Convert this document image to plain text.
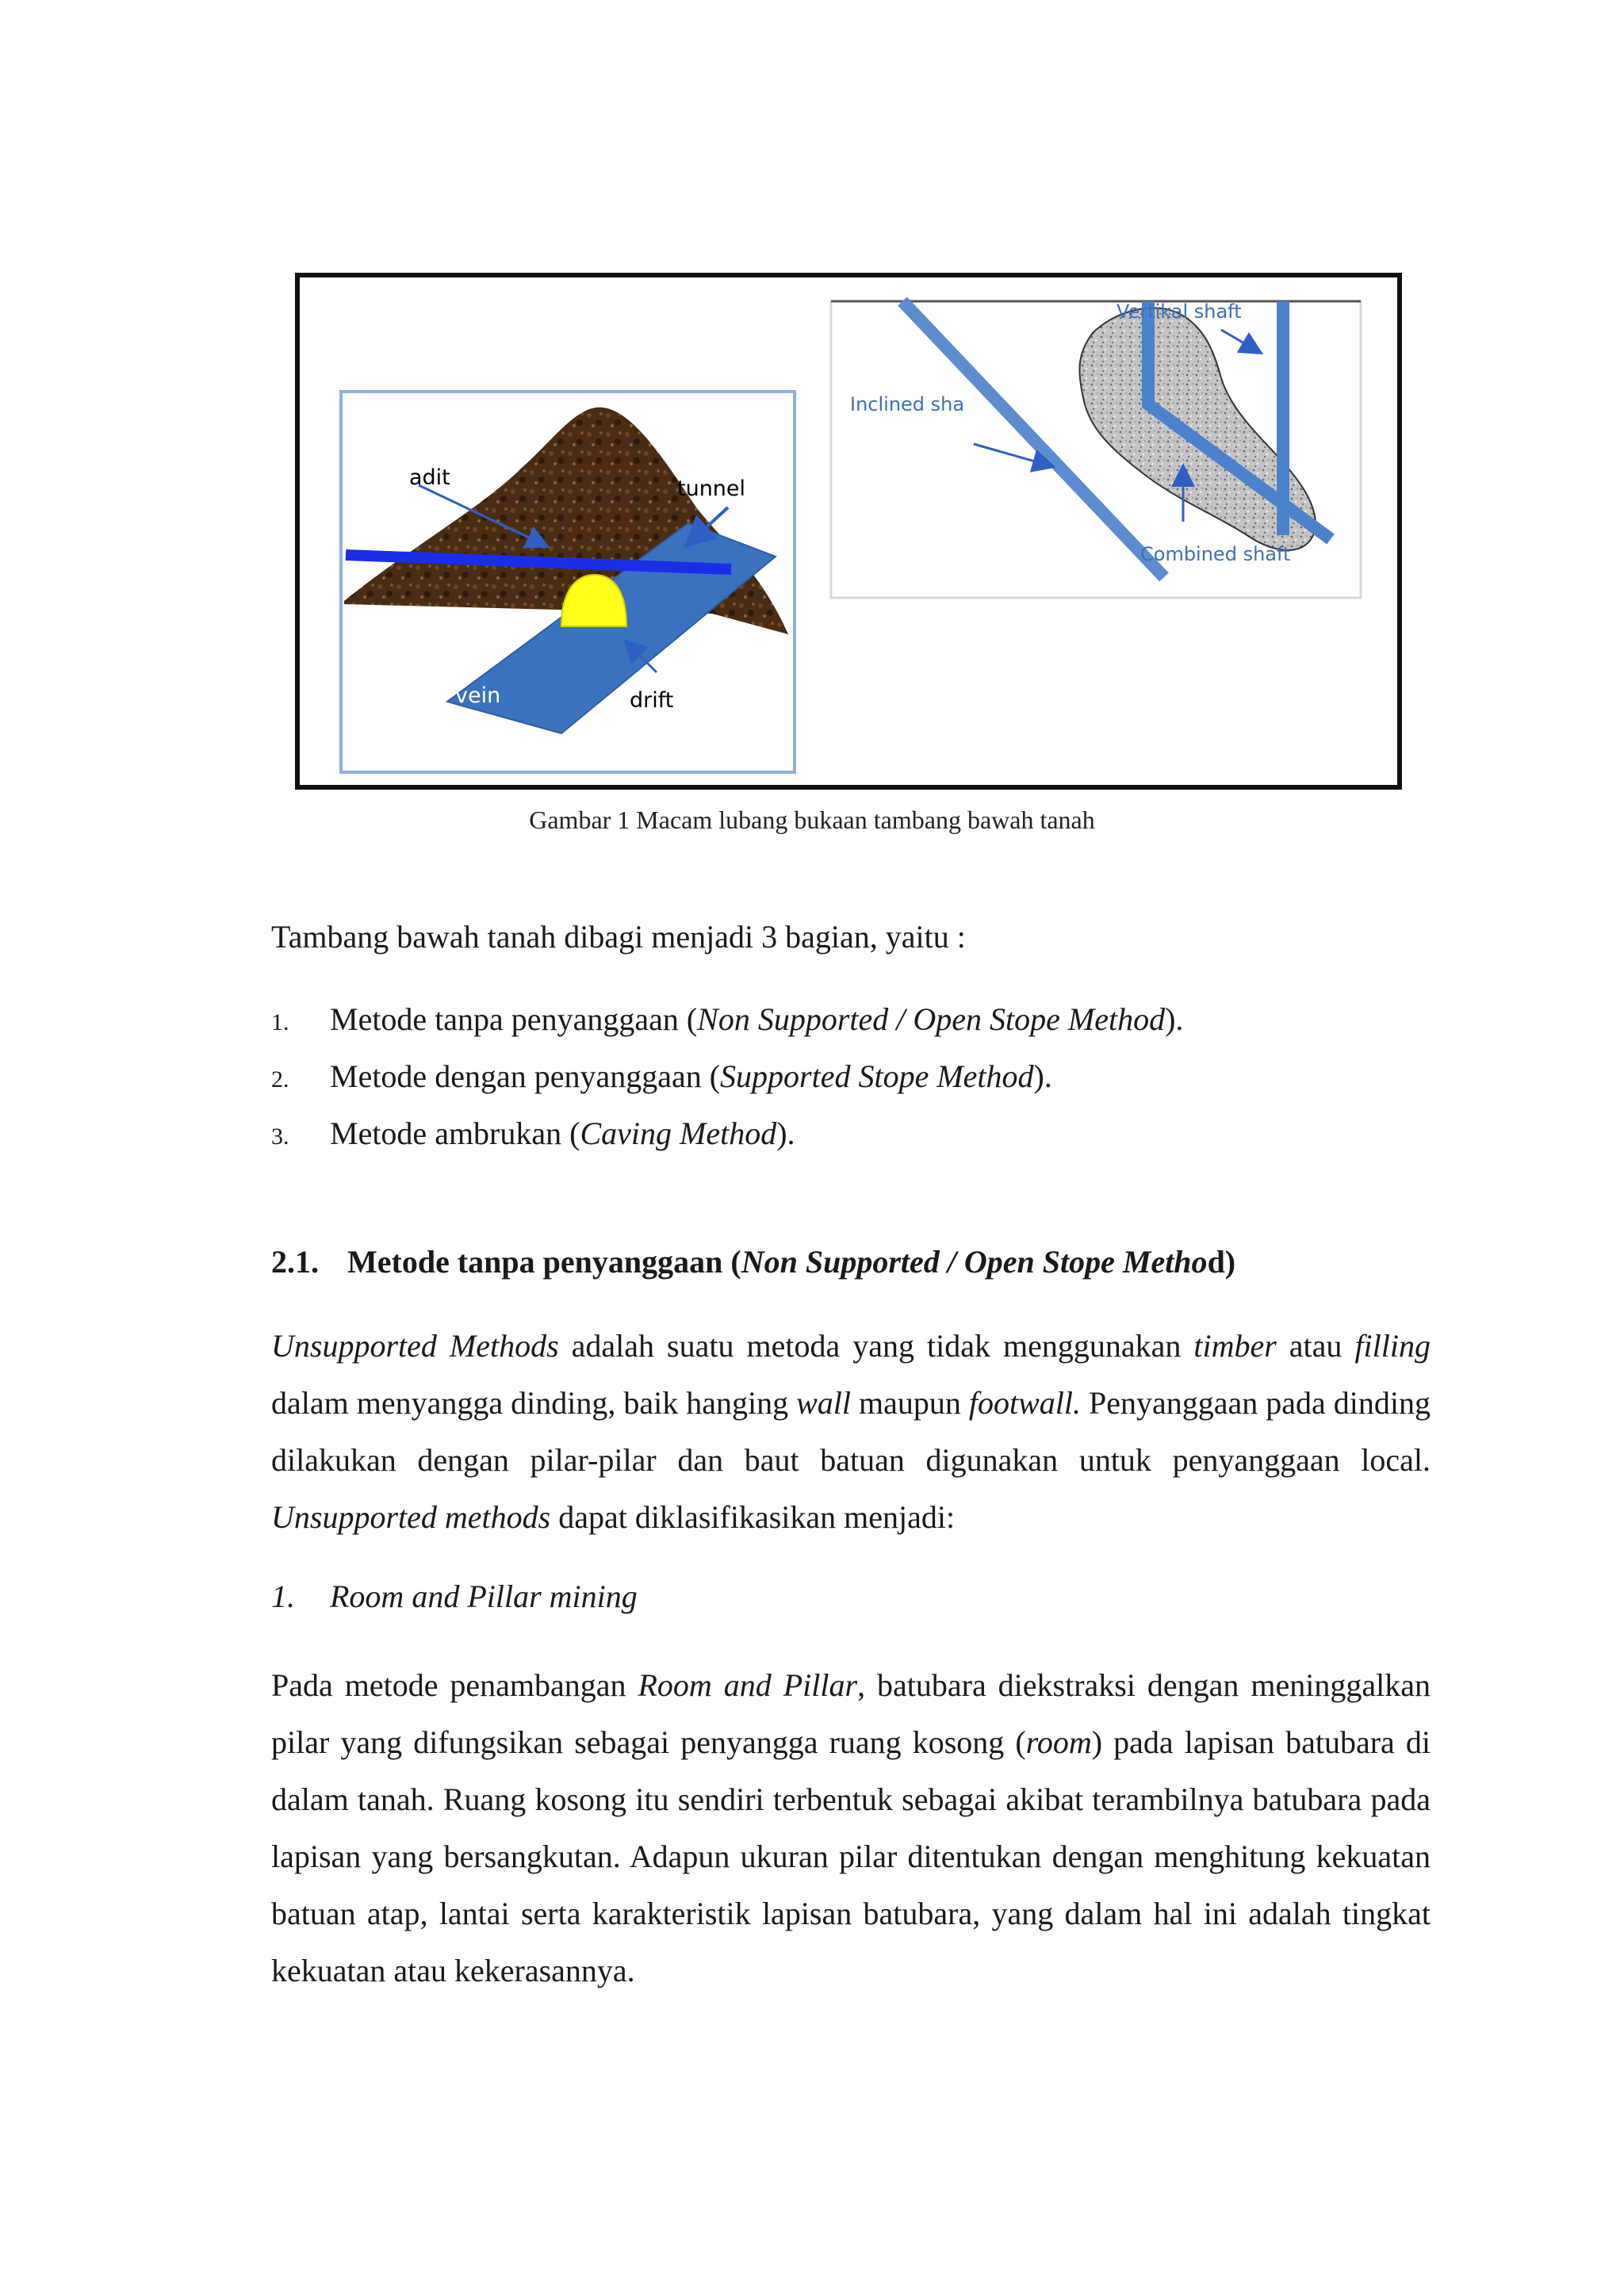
adit	tunnel
vein	drift
Vertikal shaft
Inclined sha
Combined shaft
Gambar 1 Macam lubang bukaan tambang bawah tanah
Tambang bawah tanah dibagi menjadi 3 bagian, yaitu :
1.	Metode tanpa penyanggaan (Non Supported / Open Stope Method).
2.	Metode dengan penyanggaan (Supported Stope Method).
3.	Metode ambrukan (Caving Method).
2.1. Metode tanpa penyanggaan (Non Supported / Open Stope Method)

Unsupported Methods adalah suatu metoda yang tidak menggunakan timber atau filling dalam menyangga dinding, baik hanging wall maupun footwall. Penyanggaan pada dinding dilakukan dengan pilar-pilar dan baut batuan digunakan untuk penyanggaan local. Unsupported methods dapat diklasifikasikan menjadi:

1. Room and Pillar mining

Pada metode penambangan Room and Pillar, batubara diekstraksi dengan meninggalkan pilar yang difungsikan sebagai penyangga ruang kosong (room) pada lapisan batubara di dalam tanah. Ruang kosong itu sendiri terbentuk sebagai akibat terambilnya batubara pada lapisan yang bersangkutan. Adapun ukuran pilar ditentukan dengan menghitung kekuatan batuan atap, lantai serta karakteristik lapisan batubara, yang dalam hal ini adalah tingkat kekuatan atau kekerasannya.
